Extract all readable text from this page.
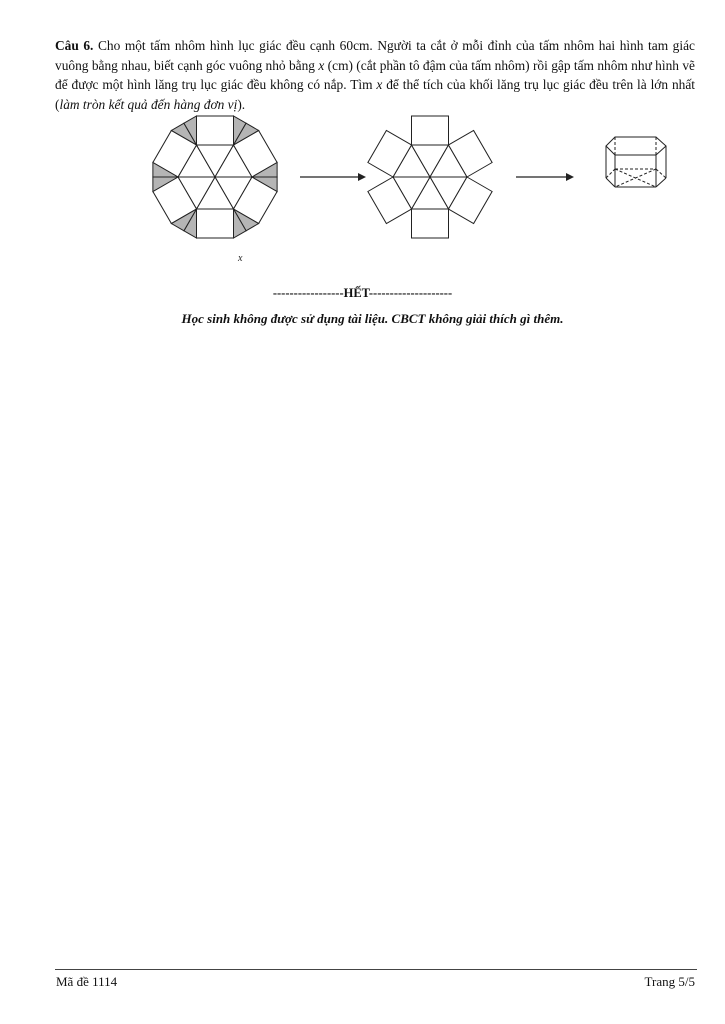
Câu 6. Cho một tấm nhôm hình lục giác đều cạnh 60cm. Người ta cắt ở mỗi đỉnh của tấm nhôm hai hình tam giác vuông bằng nhau, biết cạnh góc vuông nhỏ bằng x (cm) (cắt phần tô đậm của tấm nhôm) rồi gập tấm nhôm như hình vẽ để được một hình lăng trụ lục giác đều không có nắp. Tìm x để thể tích của khối lăng trụ lục giác đều trên là lớn nhất (làm tròn kết quả đến hàng đơn vị).
x
-----------------HẾT--------------------
Học sinh không được sử dụng tài liệu. CBCT không giải thích gì thêm.
Mã đề 1114	Trang 5/5
